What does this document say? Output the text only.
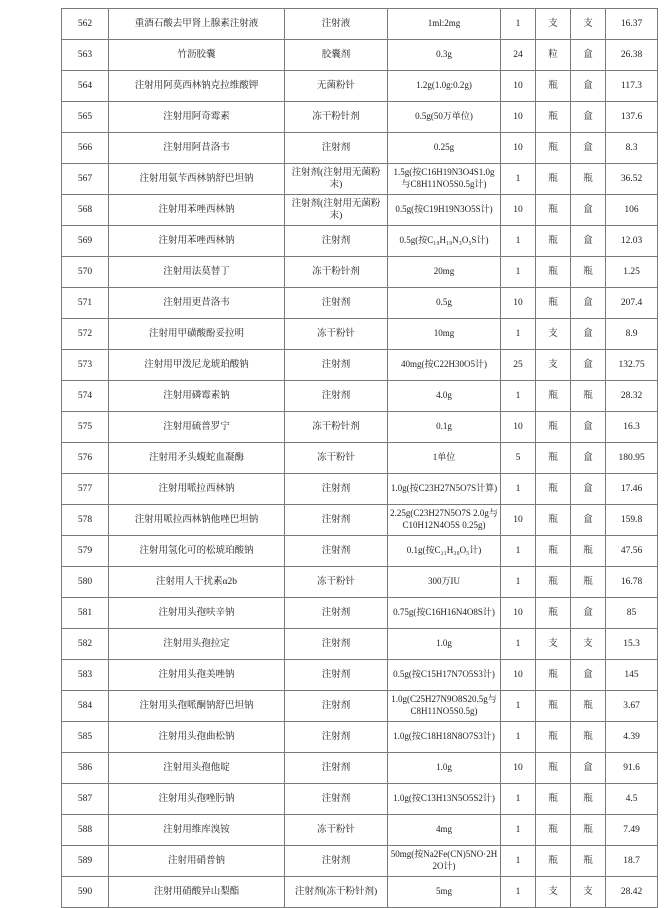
562	重酒石酸去甲肾上腺素注射液	注射液	1ml:2mg	1	支	支	16.37
563	竹沥胶囊	胶囊剂	0.3g	24	粒	盒	26.38
564	注射用阿莫西林钠克拉维酸钾	无菌粉针	1.2g(1.0g:0.2g)	10	瓶	盒	117.3
565	注射用阿奇霉素	冻干粉针剂	0.5g(50万单位)	10	瓶	盒	137.6
566	注射用阿昔洛韦	注射剂	0.25g	10	瓶	盒	8.3
567	注射用氨苄西林钠舒巴坦钠	注射剂(注射用无菌粉末)	1.5g(按C16H19N3O4S1.0g与C8H11NO5S0.5g计)	1	瓶	瓶	36.52
568	注射用苯唑西林钠	注射剂(注射用无菌粉末)	0.5g(按C19H19N3O5S计)	10	瓶	盒	106
569	注射用苯唑西林钠	注射剂	0.5g(按C₁₉H₁₉N₃O₅S计)	1	瓶	盒	12.03
570	注射用法莫替丁	冻干粉针剂	20mg	1	瓶	瓶	1.25
571	注射用更昔洛韦	注射剂	0.5g	10	瓶	盒	207.4
572	注射用甲磺酸酚妥拉明	冻干粉针	10mg	1	支	盒	8.9
573	注射用甲泼尼龙琥珀酸钠	注射剂	40mg(按C22H30O5计)	25	支	盒	132.75
574	注射用磷霉素钠	注射剂	4.0g	1	瓶	瓶	28.32
575	注射用硫普罗宁	冻干粉针剂	0.1g	10	瓶	盒	16.3
576	注射用矛头蝮蛇血凝酶	冻干粉针	1单位	5	瓶	盒	180.95
577	注射用哌拉西林钠	注射剂	1.0g(按C23H27N5O7S计算)	1	瓶	盒	17.46
578	注射用哌拉西林钠他唑巴坦钠	注射剂	2.25g(C23H27N5O7S 2.0g与C10H12N4O5S 0.25g)	10	瓶	盒	159.8
579	注射用氢化可的松琥珀酸钠	注射剂	0.1g(按C₂₁H₃₀O₅计)	1	瓶	瓶	47.56
580	注射用人干扰素α2b	冻干粉针	300万IU	1	瓶	瓶	16.78
581	注射用头孢呋辛钠	注射剂	0.75g(按C16H16N4O8S计)	10	瓶	盒	85
582	注射用头孢拉定	注射剂	1.0g	1	支	支	15.3
583	注射用头孢美唑钠	注射剂	0.5g(按C15H17N7O5S3计)	10	瓶	盒	145
584	注射用头孢哌酮钠舒巴坦钠	注射剂	1.0g(C25H27N9O8S20.5g与C8H11NO5S0.5g)	1	瓶	瓶	3.67
585	注射用头孢曲松钠	注射剂	1.0g(按C18H18N8O7S3计)	1	瓶	瓶	4.39
586	注射用头孢他啶	注射剂	1.0g	10	瓶	盒	91.6
587	注射用头孢唑肟钠	注射剂	1.0g(按C13H13N5O5S2计)	1	瓶	瓶	4.5
588	注射用维库溴铵	冻干粉针	4mg	1	瓶	瓶	7.49
589	注射用硝普钠	注射剂	50mg(按Na2Fe(CN)5NO·2H2O计)	1	瓶	瓶	18.7
590	注射用硝酸异山梨酯	注射剂(冻干粉针剂)	5mg	1	支	支	28.42
